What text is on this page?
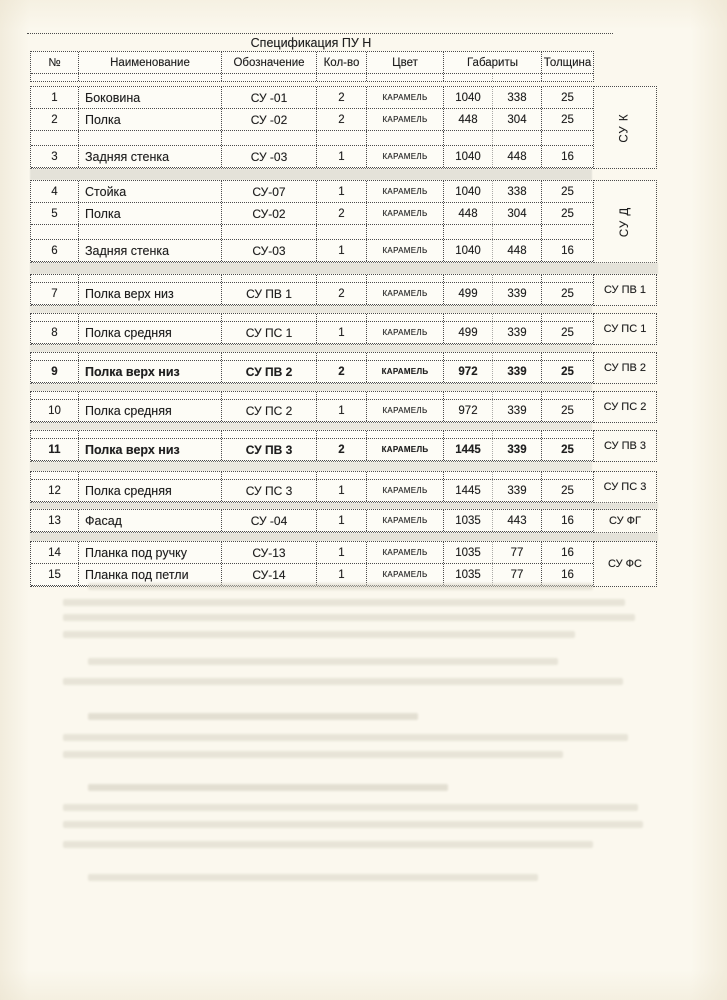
Спецификация ПУ Н
№	Наименование	Обозначение	Кол-во	Цвет	Габариты	Толщина
1	Боковина	СУ -01	2	КАРАМЕЛЬ	1040	338	25
2	Полка	СУ -02	2	КАРАМЕЛЬ	448	304	25
3	Задняя стенка	СУ -03	1	КАРАМЕЛЬ	1040	448	16
СУ К
4	Стойка	СУ-07	1	КАРАМЕЛЬ	1040	338	25
5	Полка	СУ-02	2	КАРАМЕЛЬ	448	304	25
6	Задняя стенка	СУ-03	1	КАРАМЕЛЬ	1040	448	16
СУ Д
7	Полка верх низ	СУ ПВ 1	2	КАРАМЕЛЬ	499	339	25	СУ ПВ 1
8	Полка средняя	СУ ПС 1	1	КАРАМЕЛЬ	499	339	25	СУ ПС 1
9	Полка верх низ	СУ ПВ 2	2	КАРАМЕЛЬ	972	339	25	СУ ПВ 2
10	Полка средняя	СУ ПС 2	1	КАРАМЕЛЬ	972	339	25	СУ ПС 2
11	Полка верх низ	СУ ПВ 3	2	КАРАМЕЛЬ	1445	339	25	СУ ПВ 3
12	Полка средняя	СУ ПС 3	1	КАРАМЕЛЬ	1445	339	25	СУ ПС 3
13	Фасад	СУ -04	1	КАРАМЕЛЬ	1035	443	16	СУ ФГ
14	Планка под ручку	СУ-13	1	КАРАМЕЛЬ	1035	77	16
15	Планка под петли	СУ-14	1	КАРАМЕЛЬ	1035	77	16
СУ ФС
